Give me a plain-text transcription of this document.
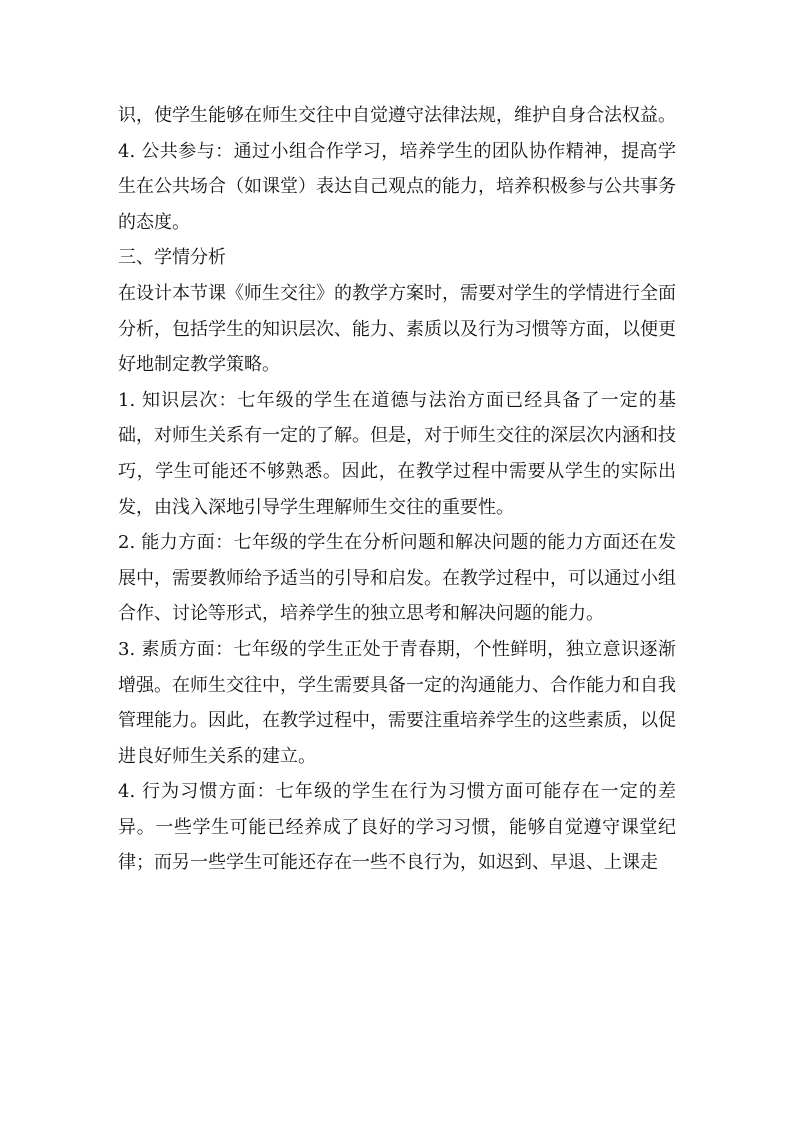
识，使学生能够在师生交往中自觉遵守法律法规，维护自身合法权益。

4. 公共参与：通过小组合作学习，培养学生的团队协作精神，提高学生在公共场合（如课堂）表达自己观点的能力，培养积极参与公共事务的态度。

三、学情分析

在设计本节课《师生交往》的教学方案时，需要对学生的学情进行全面分析，包括学生的知识层次、能力、素质以及行为习惯等方面，以便更好地制定教学策略。

1. 知识层次：七年级的学生在道德与法治方面已经具备了一定的基础，对师生关系有一定的了解。但是，对于师生交往的深层次内涵和技巧，学生可能还不够熟悉。因此，在教学过程中需要从学生的实际出发，由浅入深地引导学生理解师生交往的重要性。

2. 能力方面：七年级的学生在分析问题和解决问题的能力方面还在发展中，需要教师给予适当的引导和启发。在教学过程中，可以通过小组合作、讨论等形式，培养学生的独立思考和解决问题的能力。

3. 素质方面：七年级的学生正处于青春期，个性鲜明，独立意识逐渐增强。在师生交往中，学生需要具备一定的沟通能力、合作能力和自我管理能力。因此，在教学过程中，需要注重培养学生的这些素质，以促进良好师生关系的建立。

4. 行为习惯方面：七年级的学生在行为习惯方面可能存在一定的差异。一些学生可能已经养成了良好的学习习惯，能够自觉遵守课堂纪律；而另一些学生可能还存在一些不良行为，如迟到、早退、上课走
